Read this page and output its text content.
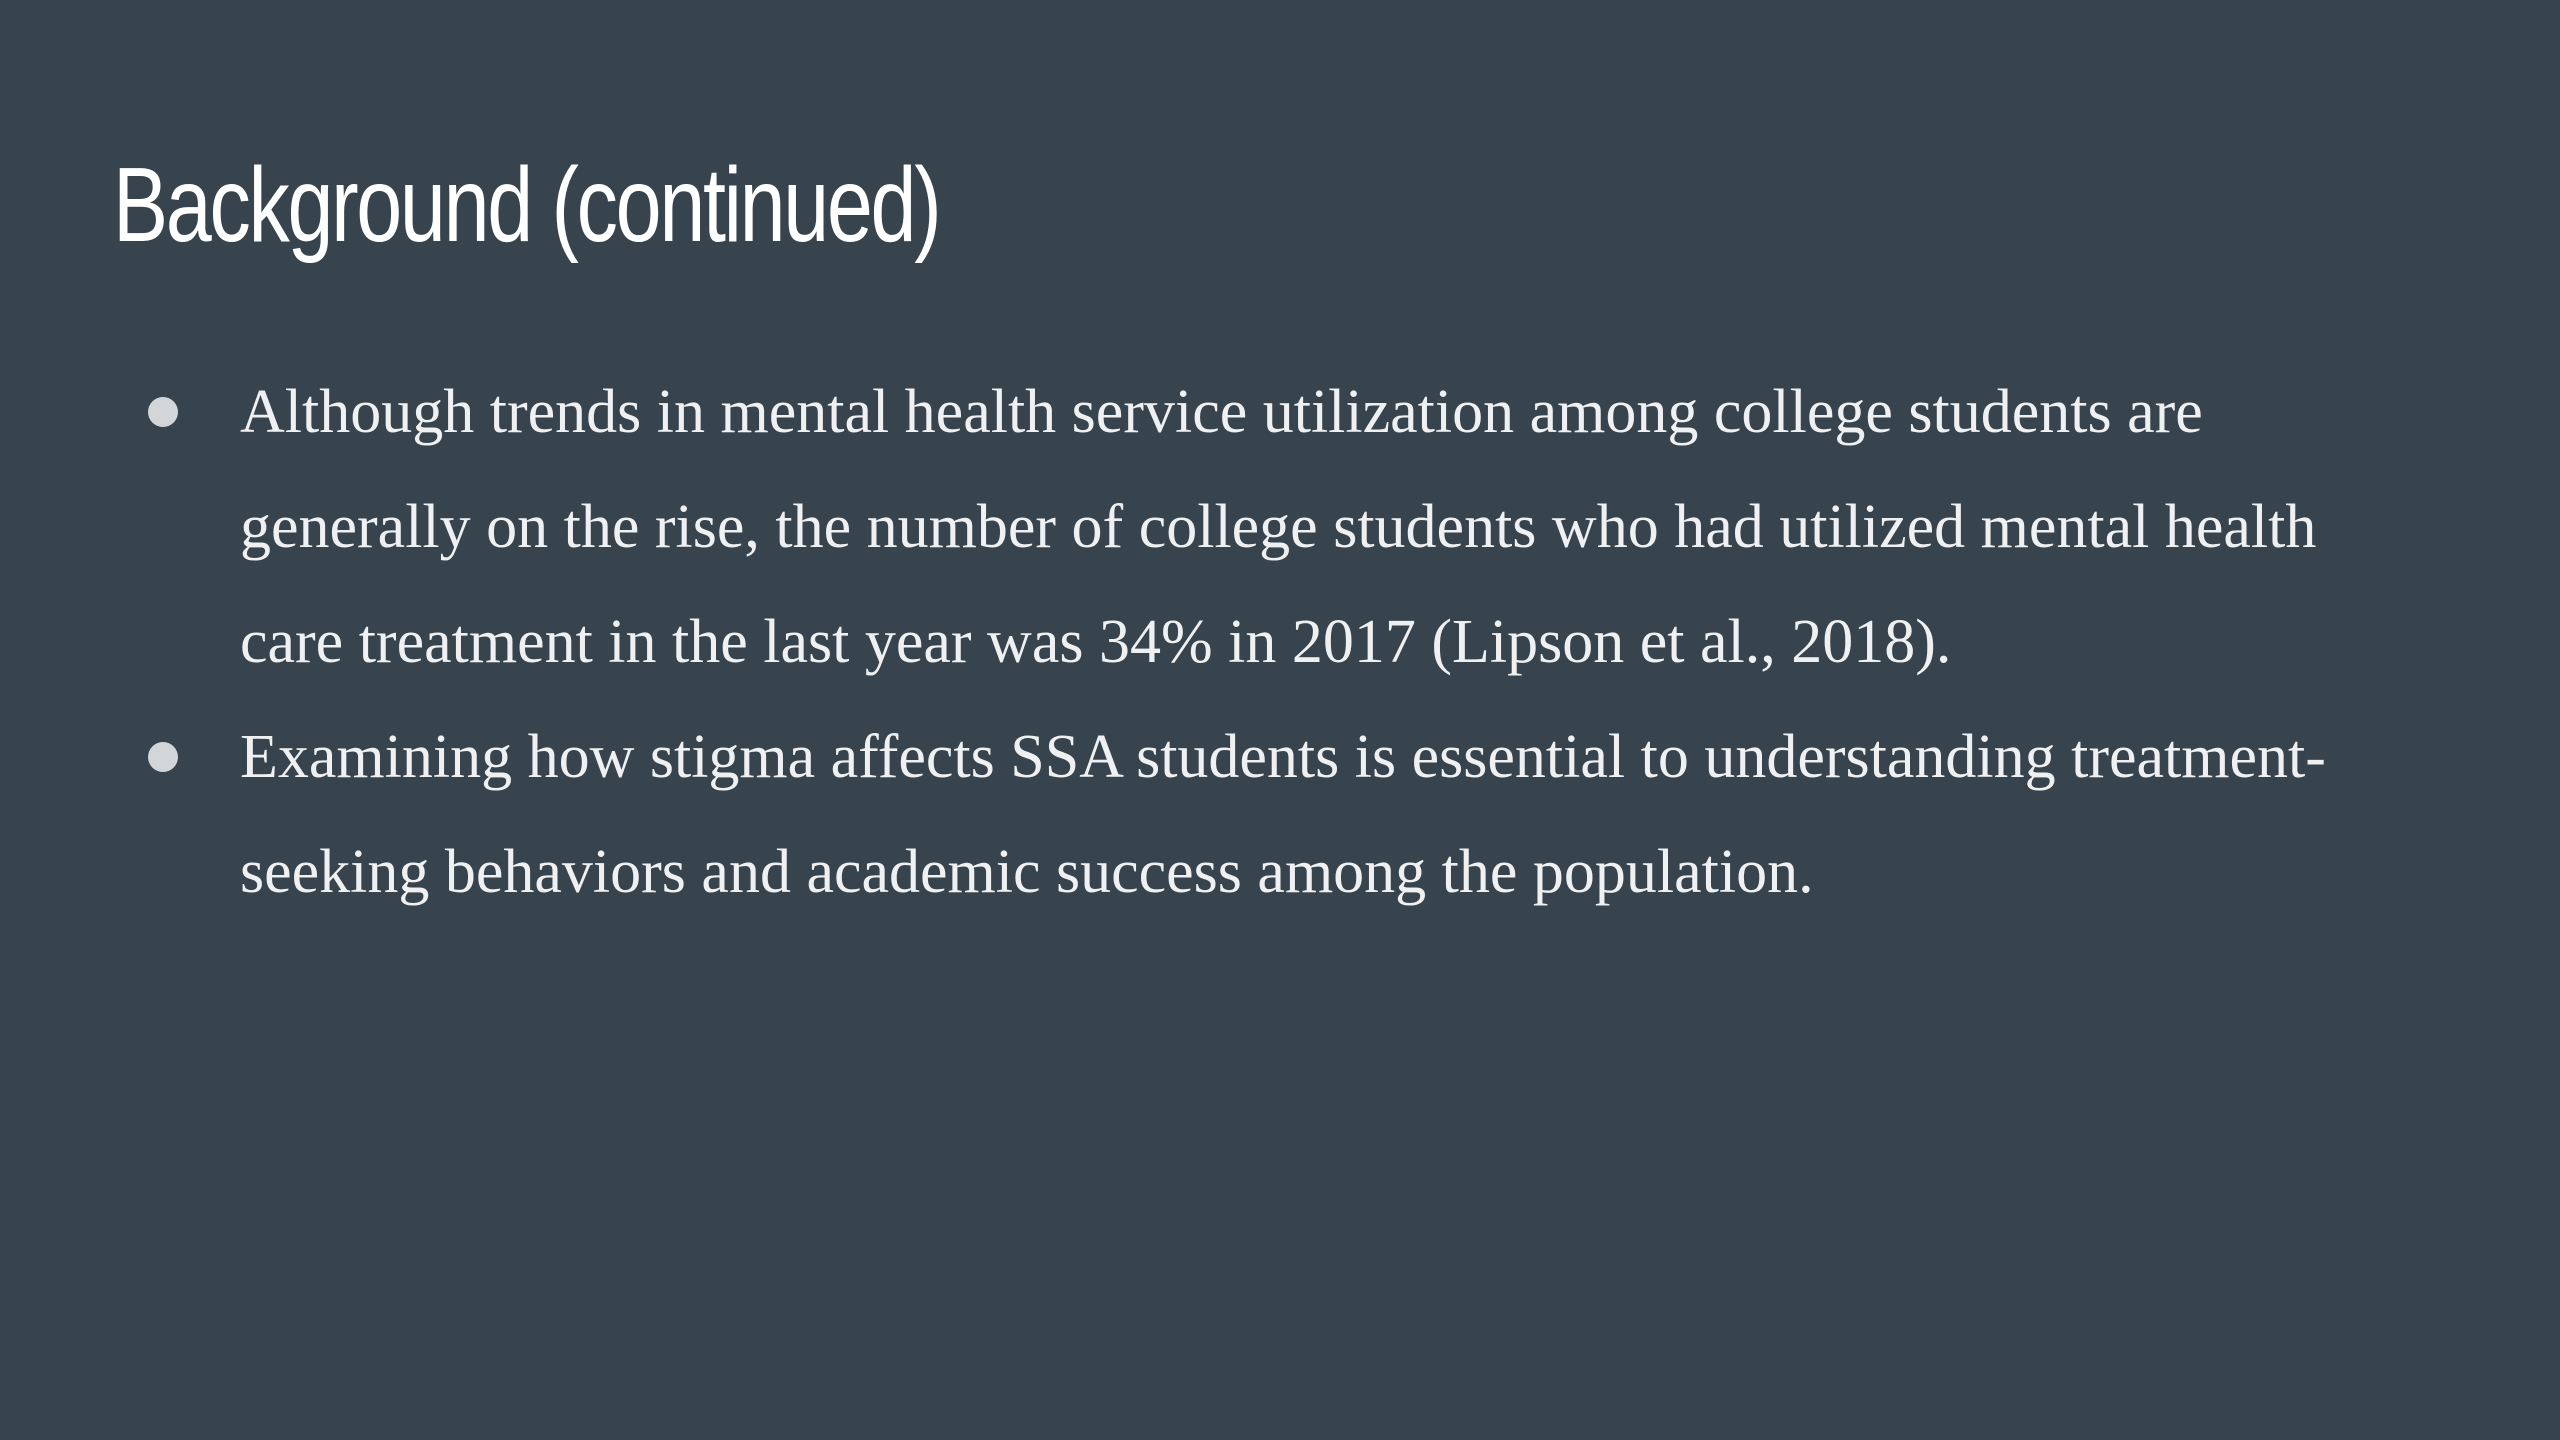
Background (continued)
Although trends in mental health service utilization among college students are generally on the rise, the number of college students who had utilized mental health care treatment in the last year was 34% in 2017 (Lipson et al., 2018).
Examining how stigma affects SSA students is essential to understanding treatment-seeking behaviors and academic success among the population.
